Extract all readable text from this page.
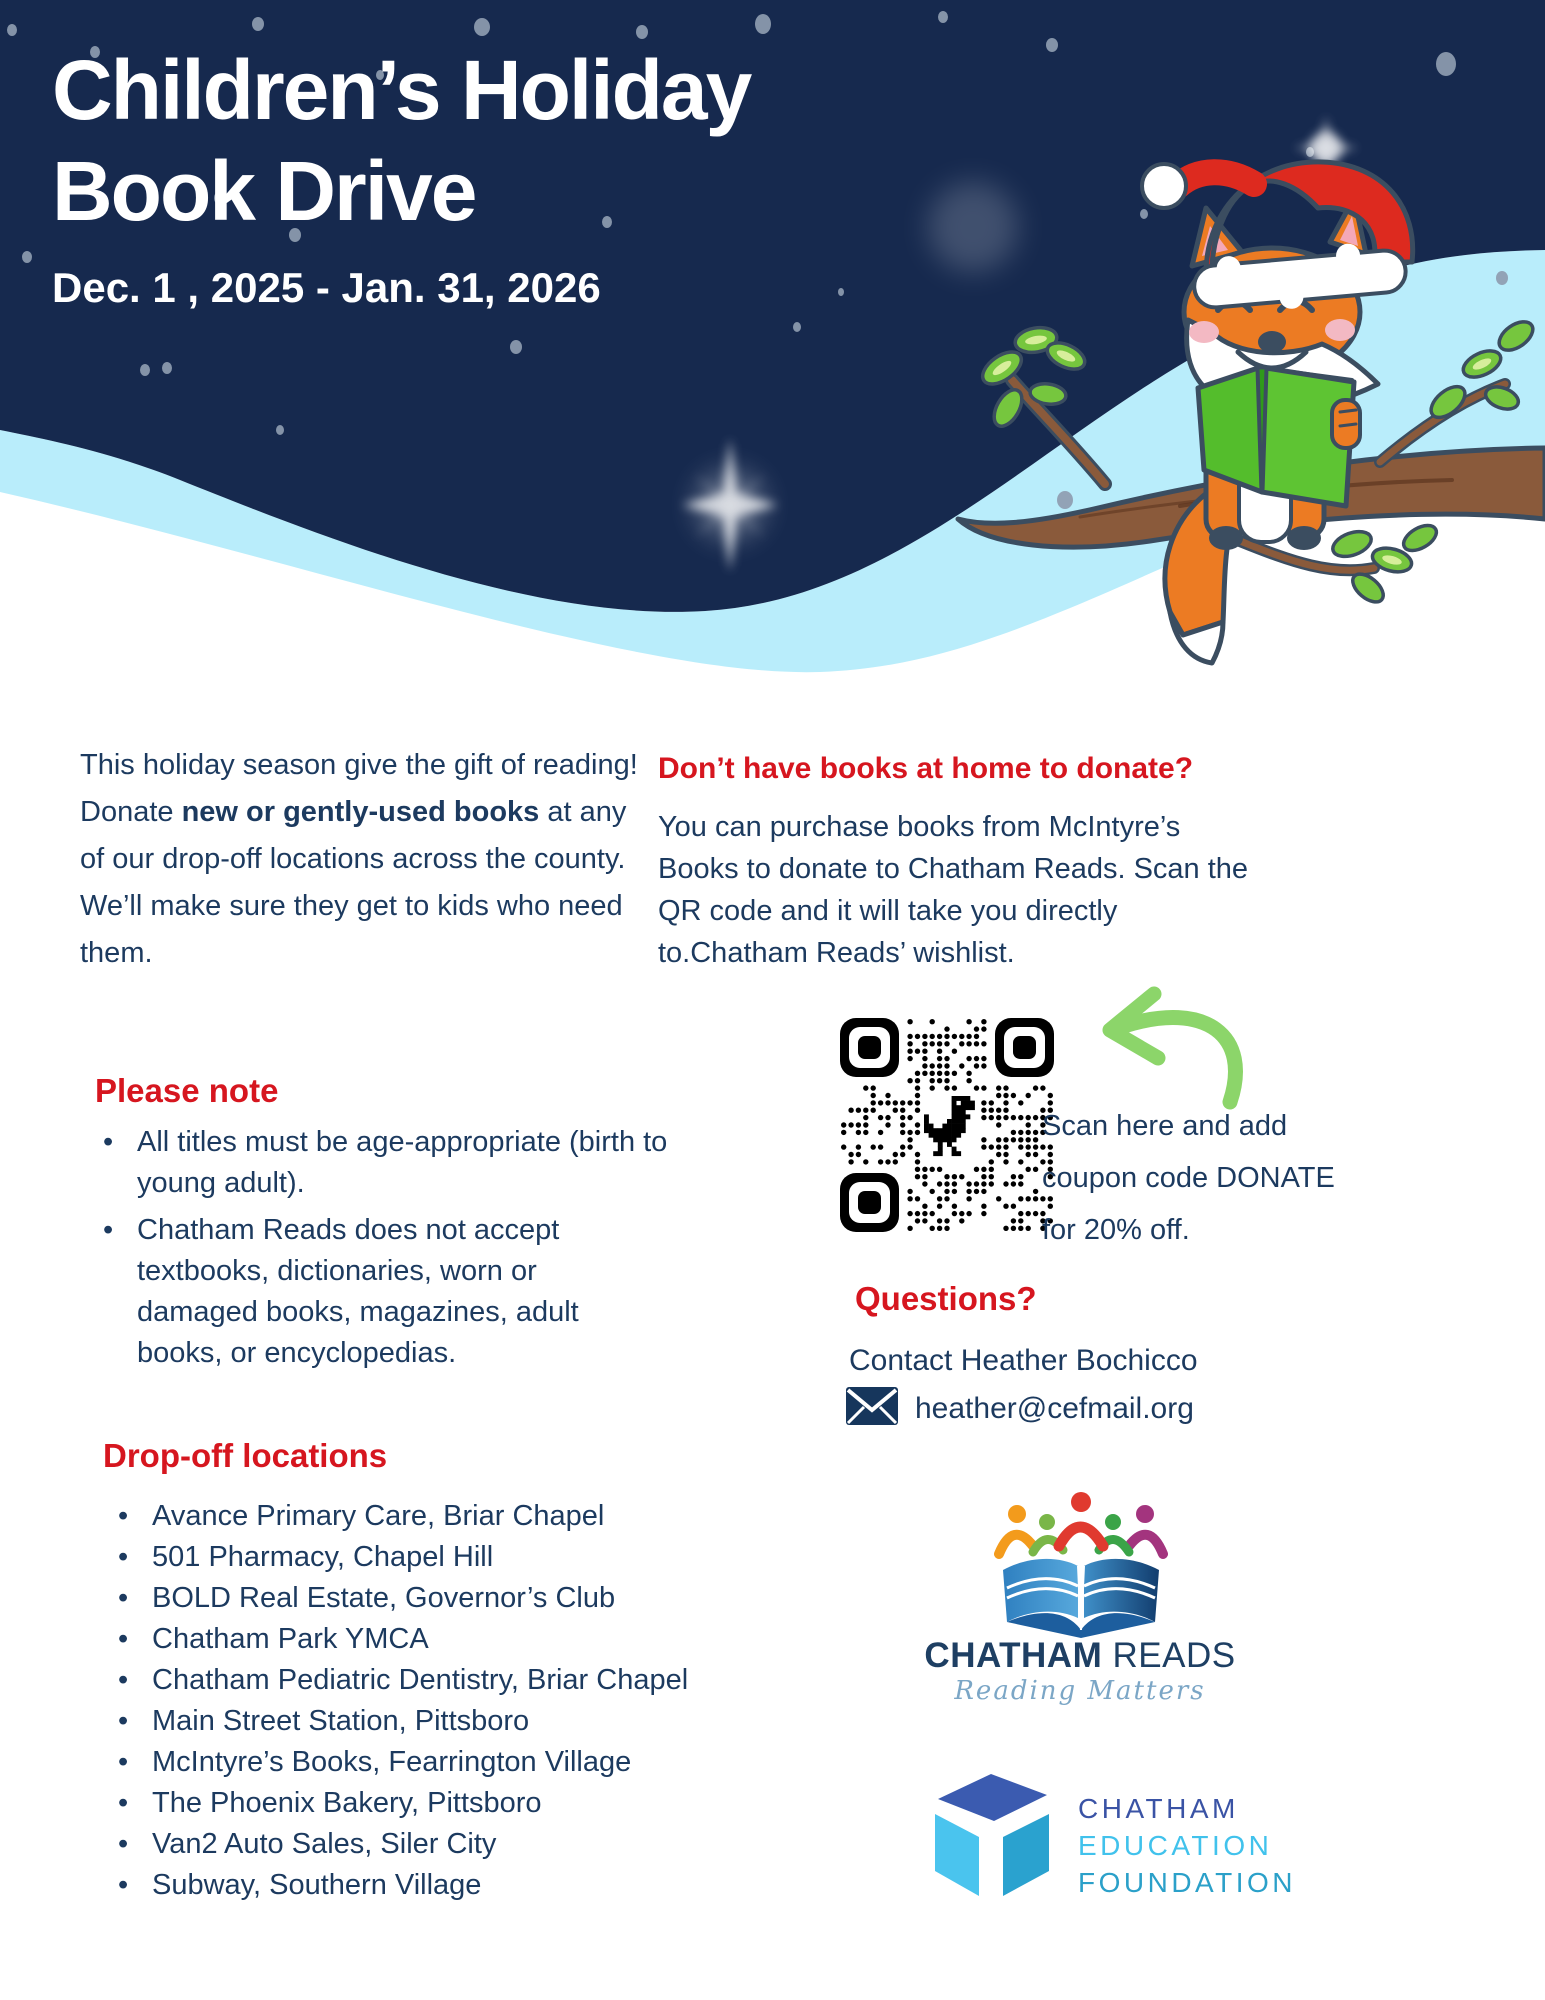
Children’s Holiday
Book Drive
Dec. 1 , 2025 - Jan. 31, 2026

This holiday season give the gift of reading! Donate new or gently-used books at any of our drop-off locations across the county. We’ll make sure they get to kids who need them.

Please note
• All titles must be age-appropriate (birth to young adult).
• Chatham Reads does not accept textbooks, dictionaries, worn or damaged books, magazines, adult books, or encyclopedias.
Drop-off locations
• Avance Primary Care, Briar Chapel
• 501 Pharmacy, Chapel Hill
• BOLD Real Estate, Governor’s Club
• Chatham Park YMCA
• Chatham Pediatric Dentistry, Briar Chapel
• Main Street Station, Pittsboro
• McIntyre’s Books, Fearrington Village
• The Phoenix Bakery, Pittsboro
• Van2 Auto Sales, Siler City
• Subway, Southern Village
Don’t have books at home to donate?

You can purchase books from McIntyre’s Books to donate to Chatham Reads. Scan the QR code and it will take you directly to.Chatham Reads’ wishlist.

Scan here and add coupon code DONATE for 20% off.

Questions?
Contact Heather Bochicco
heather@cefmail.org
CHATHAM READS
Reading Matters
CHATHAM
EDUCATION
FOUNDATION
